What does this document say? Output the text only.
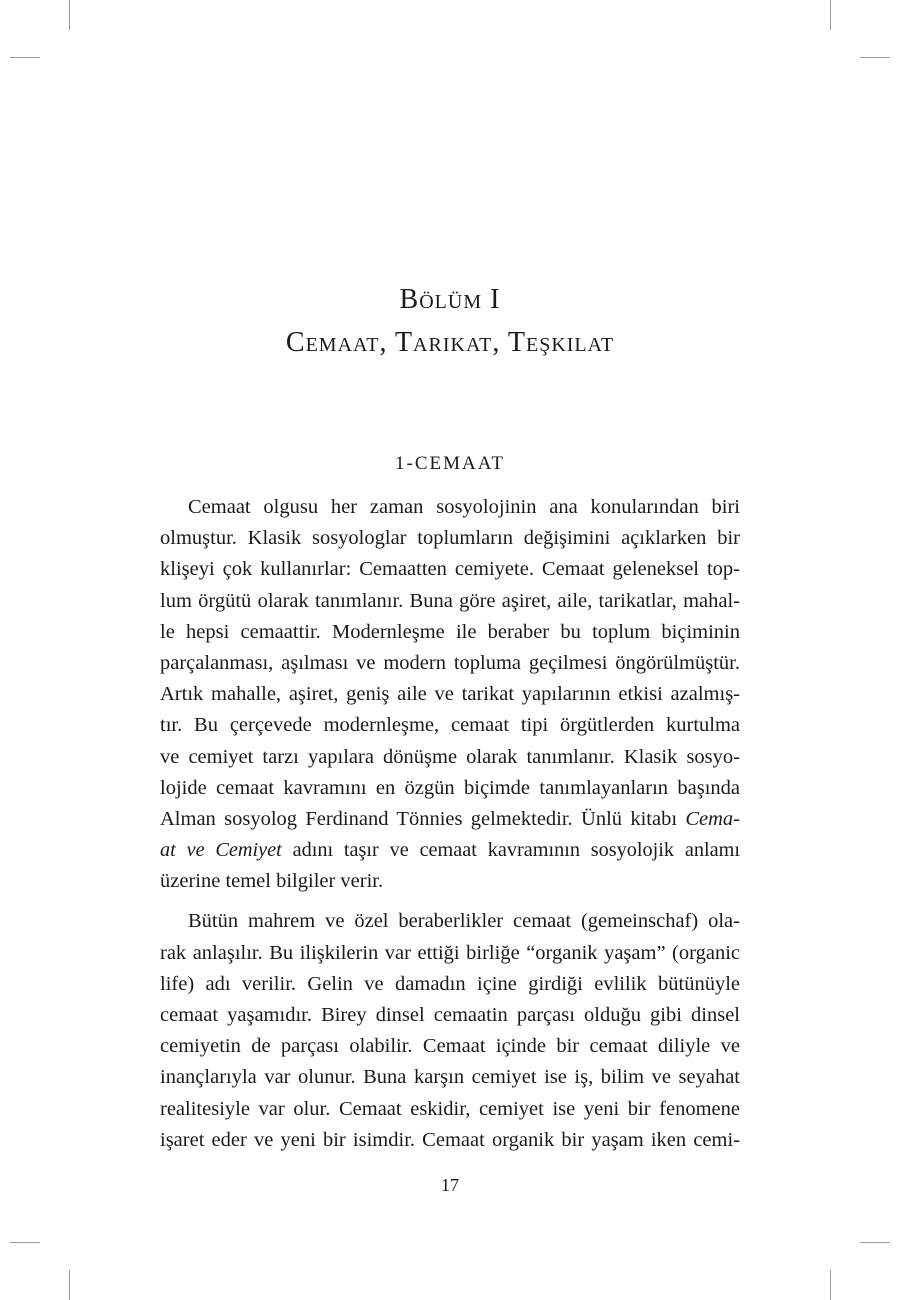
Bölüm I
Cemaat, Tarikat, Teşkilat
1-CEMAAT
Cemaat olgusu her zaman sosyolojinin ana konularından biri
olmuştur. Klasik sosyologlar toplumların değişimini açıklarken bir
klişeyi çok kullanırlar: Cemaatten cemiyete. Cemaat geleneksel top-
lum örgütü olarak tanımlanır. Buna göre aşiret, aile, tarikatlar, mahal-
le hepsi cemaattir. Modernleşme ile beraber bu toplum biçiminin
parçalanması, aşılması ve modern topluma geçilmesi öngörülmüştür.
Artık mahalle, aşiret, geniş aile ve tarikat yapılarının etkisi azalmış-
tır. Bu çerçevede modernleşme, cemaat tipi örgütlerden kurtulma
ve cemiyet tarzı yapılara dönüşme olarak tanımlanır. Klasik sosyo-
lojide cemaat kavramını en özgün biçimde tanımlayanların başında
Alman sosyolog Ferdinand Tönnies gelmektedir. Ünlü kitabı Cema-
at ve Cemiyet adını taşır ve cemaat kavramının sosyolojik anlamı
üzerine temel bilgiler verir.
Bütün mahrem ve özel beraberlikler cemaat (gemeinschaf) ola-
rak anlaşılır. Bu ilişkilerin var ettiği birliğe “organik yaşam” (organic
life) adı verilir. Gelin ve damadın içine girdiği evlilik bütünüyle
cemaat yaşamıdır. Birey dinsel cemaatin parçası olduğu gibi dinsel
cemiyetin de parçası olabilir. Cemaat içinde bir cemaat diliyle ve
inançlarıyla var olunur. Buna karşın cemiyet ise iş, bilim ve seyahat
realitesiyle var olur. Cemaat eskidir, cemiyet ise yeni bir fenomene
işaret eder ve yeni bir isimdir. Cemaat organik bir yaşam iken cemi-
17
